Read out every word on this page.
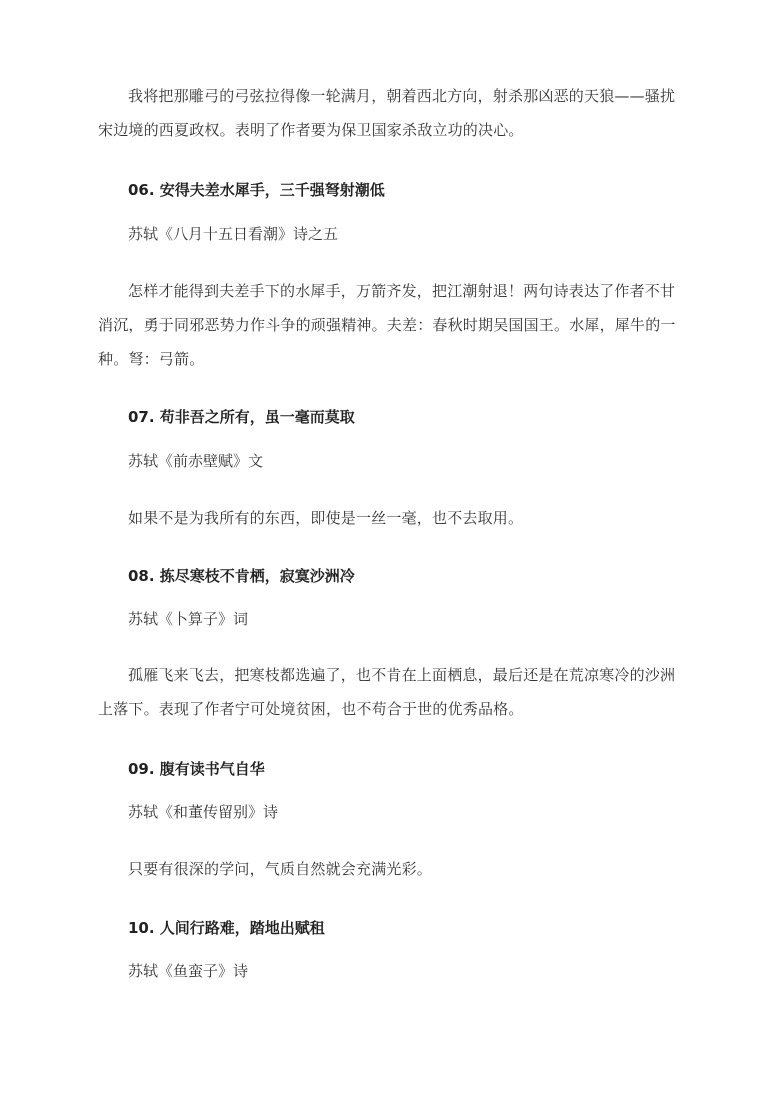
我将把那雕弓的弓弦拉得像一轮满月，朝着西北方向，射杀那凶恶的天狼——骚扰宋边境的西夏政权。表明了作者要为保卫国家杀敌立功的决心。

06. 安得夫差水犀手，三千强弩射潮低

苏轼《八月十五日看潮》诗之五

怎样才能得到夫差手下的水犀手，万箭齐发，把江潮射退！两句诗表达了作者不甘消沉，勇于同邪恶势力作斗争的顽强精神。夫差：春秋时期吴国国王。水犀，犀牛的一种。弩：弓箭。

07. 苟非吾之所有，虽一毫而莫取

苏轼《前赤壁赋》文

如果不是为我所有的东西，即使是一丝一毫，也不去取用。

08. 拣尽寒枝不肯栖，寂寞沙洲冷

苏轼《卜算子》词

孤雁飞来飞去，把寒枝都选遍了，也不肯在上面栖息，最后还是在荒凉寒冷的沙洲上落下。表现了作者宁可处境贫困，也不苟合于世的优秀品格。

09. 腹有读书气自华

苏轼《和董传留别》诗

只要有很深的学问，气质自然就会充满光彩。

10. 人间行路难，踏地出赋租

苏轼《鱼蛮子》诗
